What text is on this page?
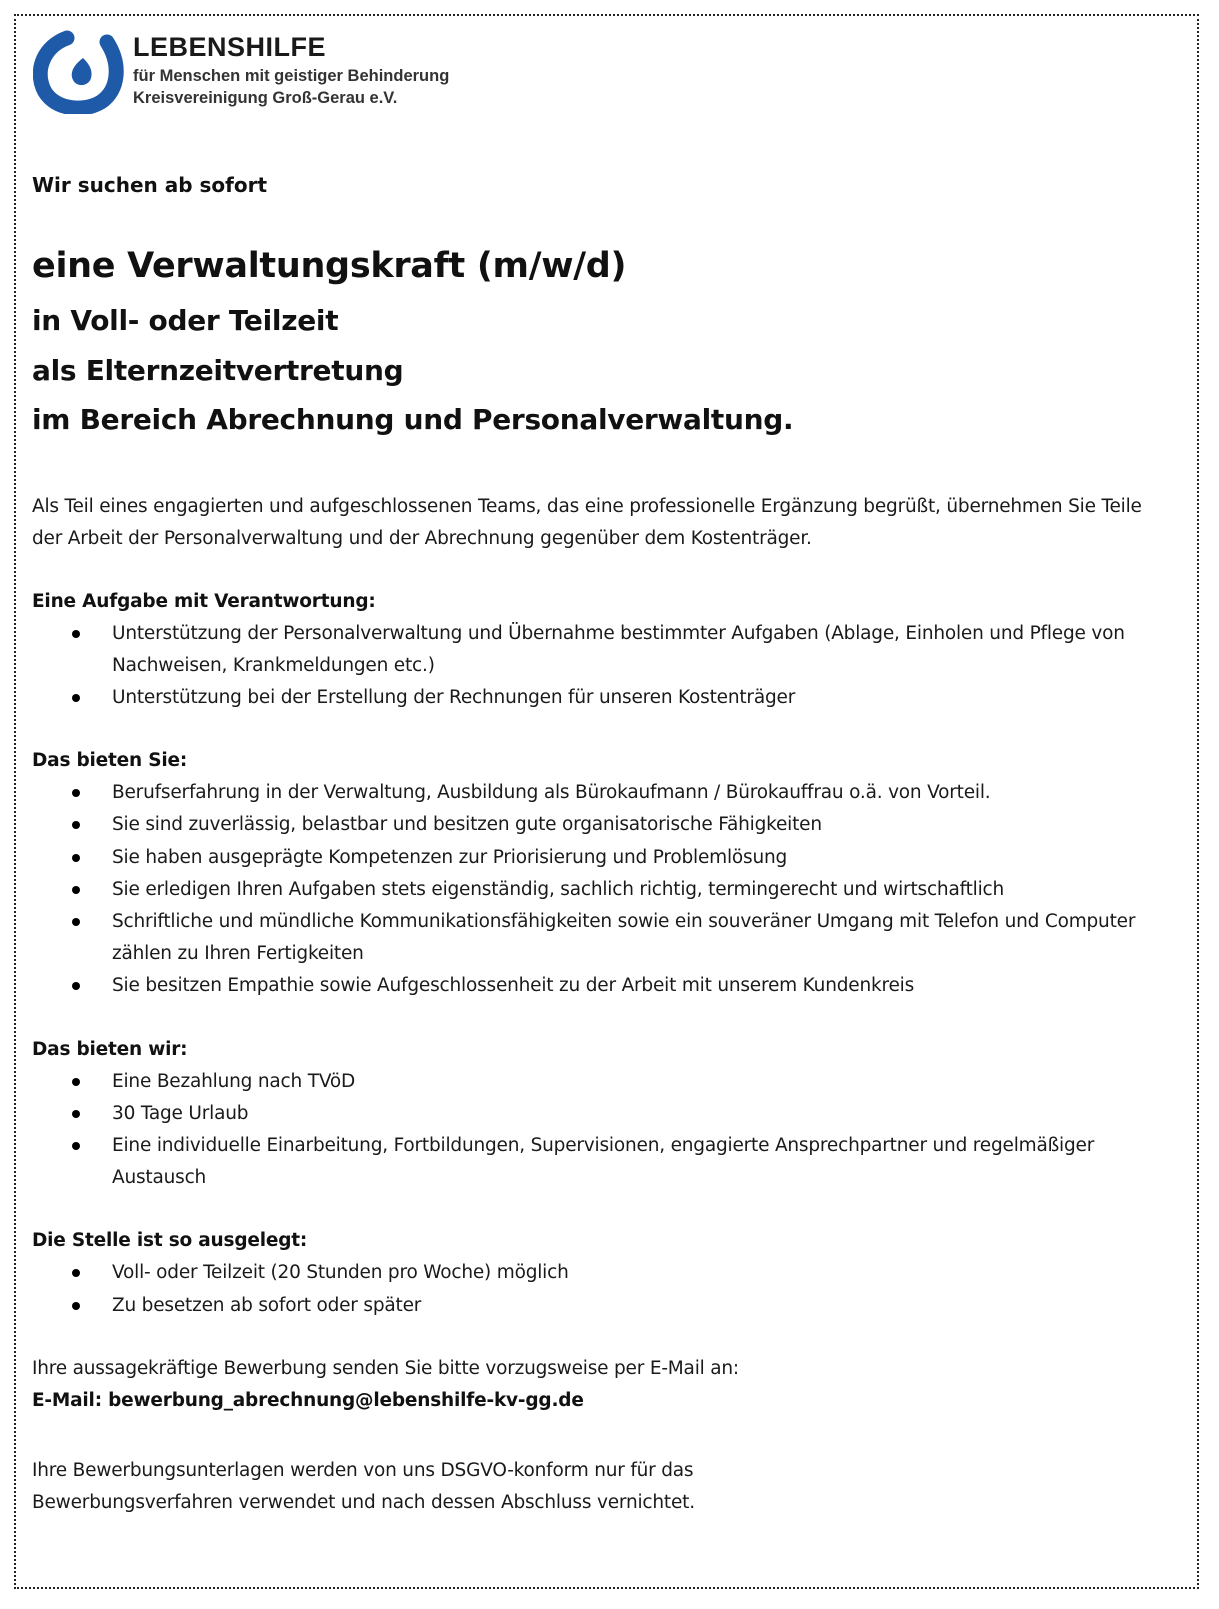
LEBENSHILFE
für Menschen mit geistiger Behinderung
Kreisvereinigung Groß-Gerau e.V.

Wir suchen ab sofort

eine Verwaltungskraft (m/w/d)
in Voll- oder Teilzeit
als Elternzeitvertretung
im Bereich Abrechnung und Personalverwaltung.

Als Teil eines engagierten und aufgeschlossenen Teams, das eine professionelle Ergänzung begrüßt, übernehmen Sie Teile der Arbeit der Personalverwaltung und der Abrechnung gegenüber dem Kostenträger.

Eine Aufgabe mit Verantwortung:

Unterstützung der Personalverwaltung und Übernahme bestimmter Aufgaben (Ablage, Einholen und Pflege von Nachweisen, Krankmeldungen etc.)
Unterstützung bei der Erstellung der Rechnungen für unseren Kostenträger

Das bieten Sie:

Berufserfahrung in der Verwaltung, Ausbildung als Bürokaufmann / Bürokauffrau o.ä. von Vorteil.
Sie sind zuverlässig, belastbar und besitzen gute organisatorische Fähigkeiten
Sie haben ausgeprägte Kompetenzen zur Priorisierung und Problemlösung
Sie erledigen Ihren Aufgaben stets eigenständig, sachlich richtig, termingerecht und wirtschaftlich
Schriftliche und mündliche Kommunikationsfähigkeiten sowie ein souveräner Umgang mit Telefon und Computer zählen zu Ihren Fertigkeiten
Sie besitzen Empathie sowie Aufgeschlossenheit zu der Arbeit mit unserem Kundenkreis

Das bieten wir:

Eine Bezahlung nach TVöD
30 Tage Urlaub
Eine individuelle Einarbeitung, Fortbildungen, Supervisionen, engagierte Ansprechpartner und regelmäßiger Austausch

Die Stelle ist so ausgelegt:

Voll- oder Teilzeit (20 Stunden pro Woche) möglich
Zu besetzen ab sofort oder später

Ihre aussagekräftige Bewerbung senden Sie bitte vorzugsweise per E-Mail an:

E-Mail: bewerbung_abrechnung@lebenshilfe-kv-gg.de

Ihre Bewerbungsunterlagen werden von uns DSGVO-konform nur für das

Bewerbungsverfahren verwendet und nach dessen Abschluss vernichtet.
